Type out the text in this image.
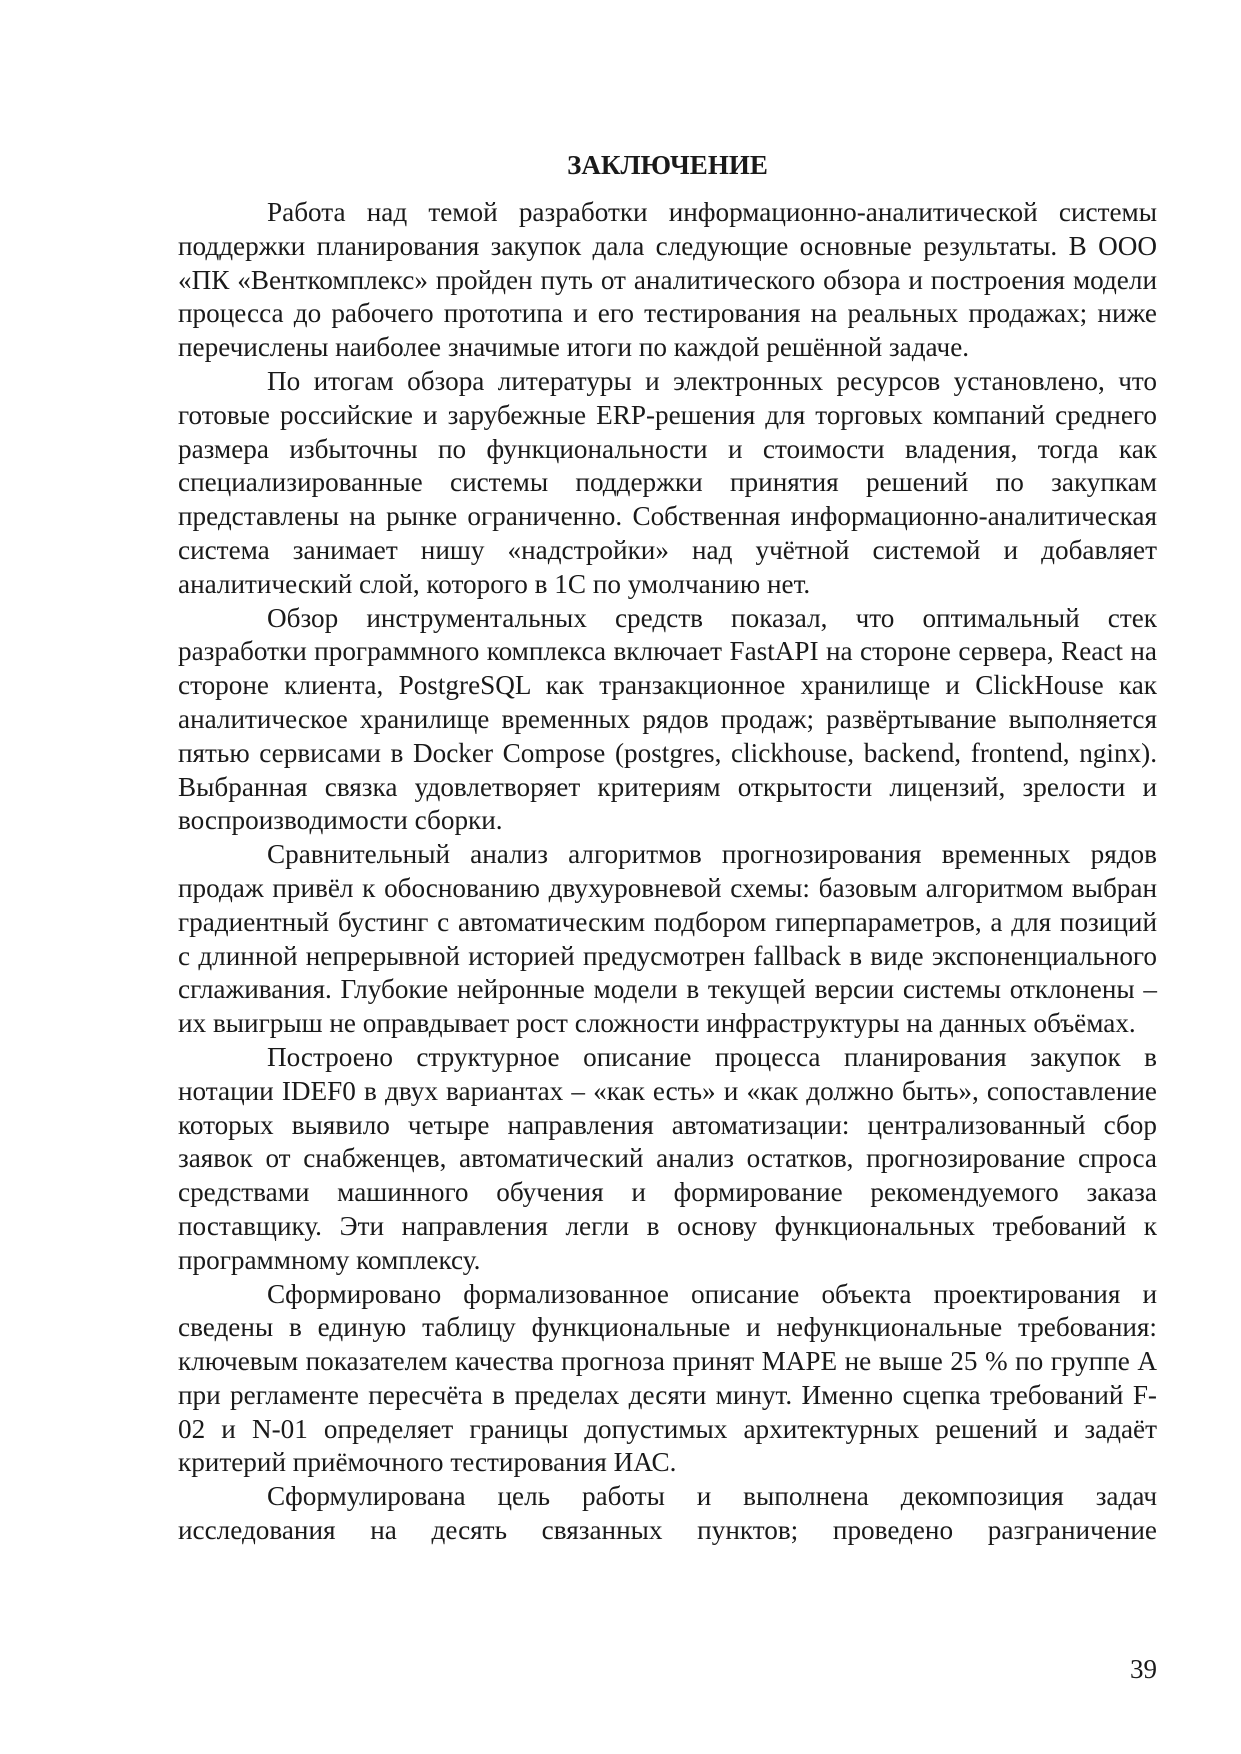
ЗАКЛЮЧЕНИЕ

Работа над темой разработки информационно-аналитической системы поддержки планирования закупок дала следующие основные результаты. В ООО «ПК «Венткомплекс» пройден путь от аналитического обзора и построения модели процесса до рабочего прототипа и его тестирования на реальных продажах; ниже перечислены наиболее значимые итоги по каждой решённой задаче.

По итогам обзора литературы и электронных ресурсов установлено, что готовые российские и зарубежные ERP-решения для торговых компаний среднего размера избыточны по функциональности и стоимости владения, тогда как специализированные системы поддержки принятия решений по закупкам представлены на рынке ограниченно. Собственная информационно-аналитическая система занимает нишу «надстройки» над учётной системой и добавляет аналитический слой, которого в 1С по умолчанию нет.

Обзор инструментальных средств показал, что оптимальный стек разработки программного комплекса включает FastAPI на стороне сервера, React на стороне клиента, PostgreSQL как транзакционное хранилище и ClickHouse как аналитическое хранилище временных рядов продаж; развёртывание выполняется пятью сервисами в Docker Compose (postgres, clickhouse, backend, frontend, nginx). Выбранная связка удовлетворяет критериям открытости лицензий, зрелости и воспроизводимости сборки.

Сравнительный анализ алгоритмов прогнозирования временных рядов продаж привёл к обоснованию двухуровневой схемы: базовым алгоритмом выбран градиентный бустинг с автоматическим подбором гиперпараметров, а для позиций с длинной непрерывной историей предусмотрен fallback в виде экспоненциального сглаживания. Глубокие нейронные модели в текущей версии системы отклонены – их выигрыш не оправдывает рост сложности инфраструктуры на данных объёмах.

Построено структурное описание процесса планирования закупок в нотации IDEF0 в двух вариантах – «как есть» и «как должно быть», сопоставление которых выявило четыре направления автоматизации: централизованный сбор заявок от снабженцев, автоматический анализ остатков, прогнозирование спроса средствами машинного обучения и формирование рекомендуемого заказа поставщику. Эти направления легли в основу функциональных требований к программному комплексу.

Сформировано формализованное описание объекта проектирования и сведены в единую таблицу функциональные и нефункциональные требования: ключевым показателем качества прогноза принят MAPE не выше 25 % по группе A при регламенте пересчёта в пределах десяти минут. Именно сцепка требований F-02 и N-01 определяет границы допустимых архитектурных решений и задаёт критерий приёмочного тестирования ИАС.

Сформулирована цель работы и выполнена декомпозиция задач исследования на десять связанных пунктов; проведено разграничение

39
